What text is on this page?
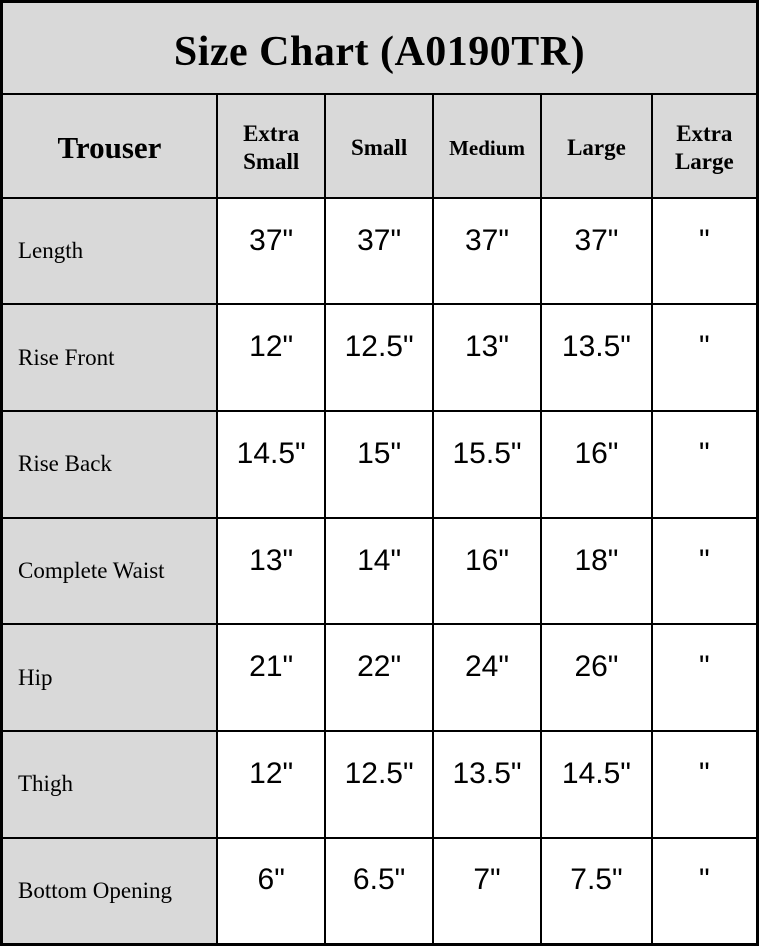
Size Chart (A0190TR)					
Trouser	Extra Small	Small	Medium	Large	Extra Large
Length	37"	37"	37"	37"	"
Rise Front	12"	12.5"	13"	13.5"	"
Rise Back	14.5"	15"	15.5"	16"	"
Complete Waist	13"	14"	16"	18"	"
Hip	21"	22"	24"	26"	"
Thigh	12"	12.5"	13.5"	14.5"	"
Bottom Opening	6"	6.5"	7"	7.5"	"
